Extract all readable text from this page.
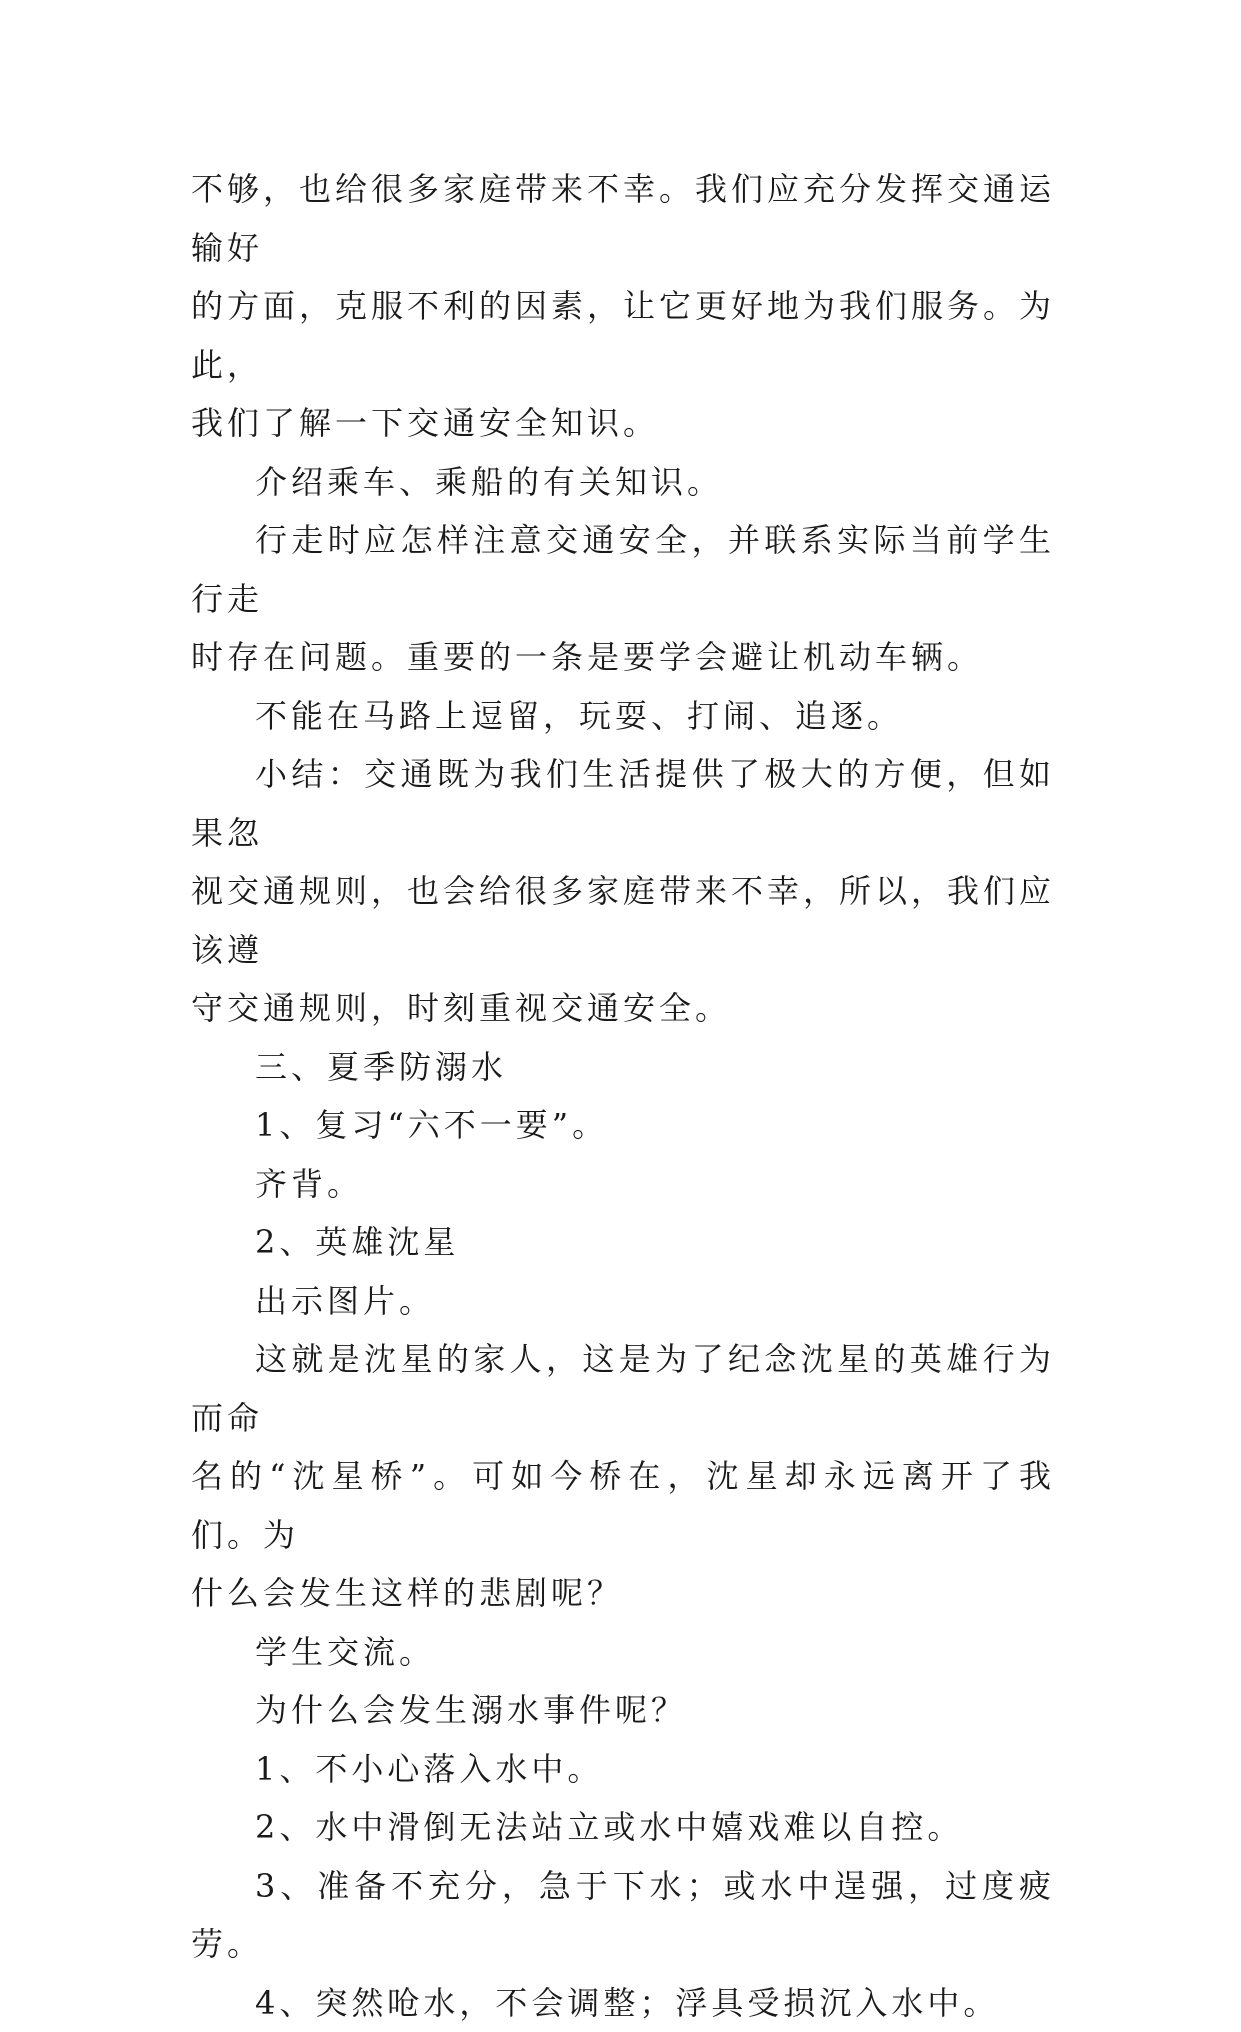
不够，也给很多家庭带来不幸。我们应充分发挥交通运输好
的方面，克服不利的因素，让它更好地为我们服务。为此，
我们了解一下交通安全知识。

介绍乘车、乘船的有关知识。

行走时应怎样注意交通安全，并联系实际当前学生行走
时存在问题。重要的一条是要学会避让机动车辆。

不能在马路上逗留，玩耍、打闹、追逐。

小结：交通既为我们生活提供了极大的方便，但如果忽
视交通规则，也会给很多家庭带来不幸，所以，我们应该遵
守交通规则，时刻重视交通安全。

三、夏季防溺水

1、复习“六不一要”。

齐背。

2、英雄沈星

出示图片。

这就是沈星的家人，这是为了纪念沈星的英雄行为而命
名的“沈星桥”。可如今桥在，沈星却永远离开了我们。为
什么会发生这样的悲剧呢？

学生交流。

为什么会发生溺水事件呢？

1、不小心落入水中。

2、水中滑倒无法站立或水中嬉戏难以自控。

3、准备不充分，急于下水；或水中逞强，过度疲劳。

4、突然呛水，不会调整；浮具受损沉入水中。
